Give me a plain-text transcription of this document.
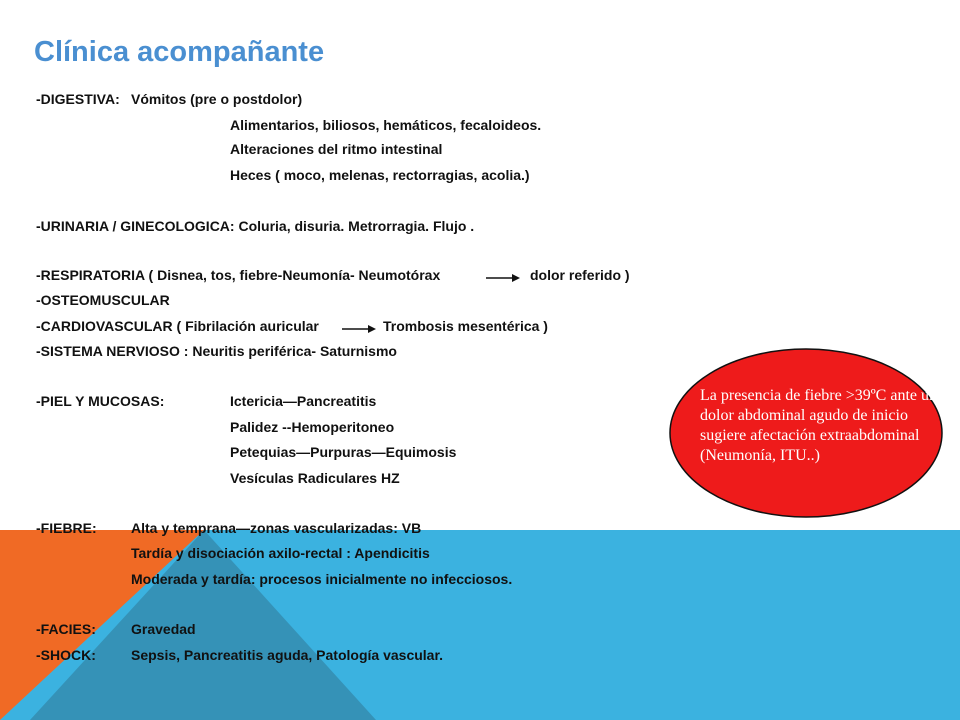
Clínica acompañante
-DIGESTIVA: Vómitos (pre o postdolor)
Alimentarios, biliosos, hemáticos, fecaloideos.
Alteraciones del ritmo intestinal
Heces ( moco, melenas, rectorragias, acolia.)
-URINARIA / GINECOLOGICA: Coluria, disuria. Metrorragia. Flujo .
-RESPIRATORIA ( Disnea, tos, fiebre-Neumonía- Neumotórax	dolor referido )
-OSTEOMUSCULAR
-CARDIOVASCULAR ( Fibrilación auricular	Trombosis mesentérica )
-SISTEMA NERVIOSO : Neuritis periférica- Saturnismo
-PIEL Y MUCOSAS:	Ictericia—Pancreatitis
Palidez --Hemoperitoneo
Petequias—Purpuras—Equimosis
Vesículas Radiculares HZ
-FIEBRE: Alta y temprana—zonas vascularizadas: VB
Tardía y disociación axilo-rectal : Apendicitis
Moderada y tardía: procesos inicialmente no infecciosos.
-FACIES:	Gravedad
-SHOCK:	Sepsis, Pancreatitis aguda, Patología vascular.
La presencia de fiebre >39ºC ante un dolor abdominal agudo de inicio sugiere afectación extraabdominal (Neumonía, ITU..)
